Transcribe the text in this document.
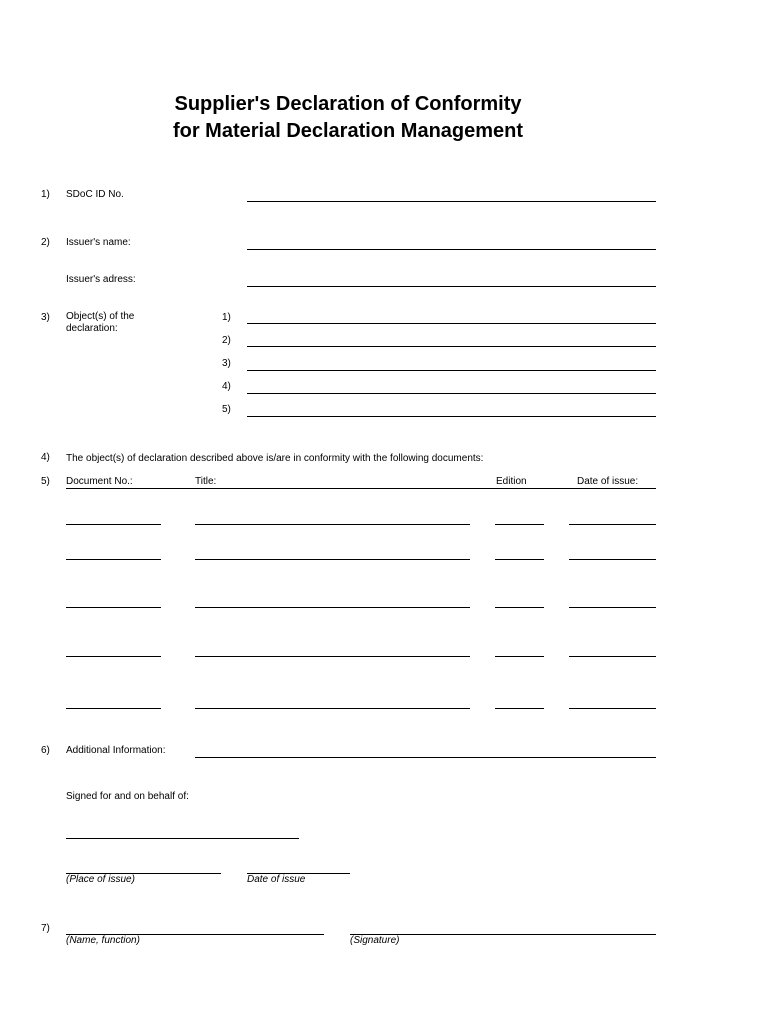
Supplier's Declaration of Conformity
for Material Declaration Management
1) SDoC ID No.
2) Issuer's name:
Issuer's adress:
3) Object(s) of the declaration:
1)
2)
3)
4)
5)
4) The object(s) of declaration described above is/are in conformity with the following documents:
5) Document No.:	Title:	Edition	Date of issue:
6) Additional Information:
Signed for and on behalf of:
(Place of issue)	Date of issue
7)
(Name, function)	(Signature)
